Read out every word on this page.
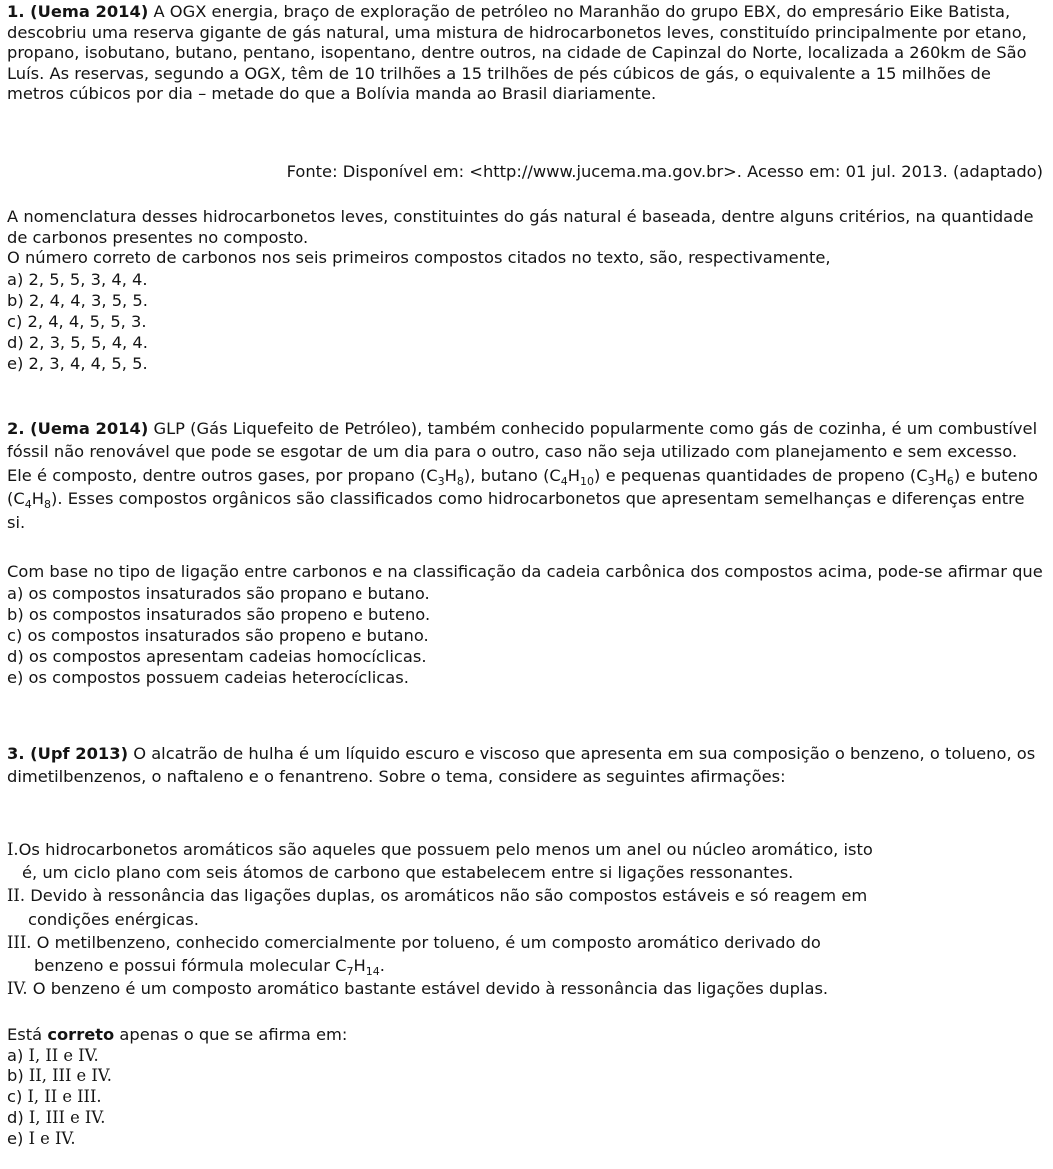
1. (Uema 2014) A OGX energia, braço de exploração de petróleo no Maranhão do grupo EBX, do empresário Eike Batista, descobriu uma reserva gigante de gás natural, uma mistura de hidrocarbonetos leves, constituído principalmente por etano, propano, isobutano, butano, pentano, isopentano, dentre outros, na cidade de Capinzal do Norte, localizada a 260km de São Luís. As reservas, segundo a OGX, têm de 10 trilhões a 15 trilhões de pés cúbicos de gás, o equivalente a 15 milhões de metros cúbicos por dia – metade do que a Bolívia manda ao Brasil diariamente.

Fonte: Disponível em: <http://www.jucema.ma.gov.br>. Acesso em: 01 jul. 2013. (adaptado)

A nomenclatura desses hidrocarbonetos leves, constituintes do gás natural é baseada, dentre alguns critérios, na quantidade de carbonos presentes no composto.

O número correto de carbonos nos seis primeiros compostos citados no texto, são, respectivamente,

a) 2, 5, 5, 3, 4, 4.

b) 2, 4, 4, 3, 5, 5.

c) 2, 4, 4, 5, 5, 3.

d) 2, 3, 5, 5, 4, 4.

e) 2, 3, 4, 4, 5, 5.

2. (Uema 2014) GLP (Gás Liquefeito de Petróleo), também conhecido popularmente como gás de cozinha, é um combustível fóssil não renovável que pode se esgotar de um dia para o outro, caso não seja utilizado com planejamento e sem excesso. Ele é composto, dentre outros gases, por propano $(C_3H_8)$, butano $(C_4H_{10})$ e pequenas quantidades de propeno $(C_3H_6)$ e buteno $(C_4H_8)$. Esses compostos orgânicos são classificados como hidrocarbonetos que apresentam semelhanças e diferenças entre si.

Com base no tipo de ligação entre carbonos e na classificação da cadeia carbônica dos compostos acima, pode-se afirmar que

a) os compostos insaturados são propano e butano.

b) os compostos insaturados são propeno e buteno.

c) os compostos insaturados são propeno e butano.

d) os compostos apresentam cadeias homocíclicas.

e) os compostos possuem cadeias heterocíclicas.

3. (Upf 2013) O alcatrão de hulha é um líquido escuro e viscoso que apresenta em sua composição o benzeno, o tolueno, os dimetilbenzenos, o naftaleno e o fenantreno. Sobre o tema, considere as seguintes afirmações:

I.Os hidrocarbonetos aromáticos são aqueles que possuem pelo menos um anel ou núcleo aromático, isto

é, um ciclo plano com seis átomos de carbono que estabelecem entre si ligações ressonantes.

II. Devido à ressonância das ligações duplas, os aromáticos não são compostos estáveis e só reagem em

condições enérgicas.

III. O metilbenzeno, conhecido comercialmente por tolueno, é um composto aromático derivado do

benzeno e possui fórmula molecular $C_7H_{14}$.

IV. O benzeno é um composto aromático bastante estável devido à ressonância das ligações duplas.

Está correto apenas o que se afirma em:

a) I, II e IV.

b) II, III e IV.

c) I, II e III.

d) I, III e IV.

e) I e IV.
